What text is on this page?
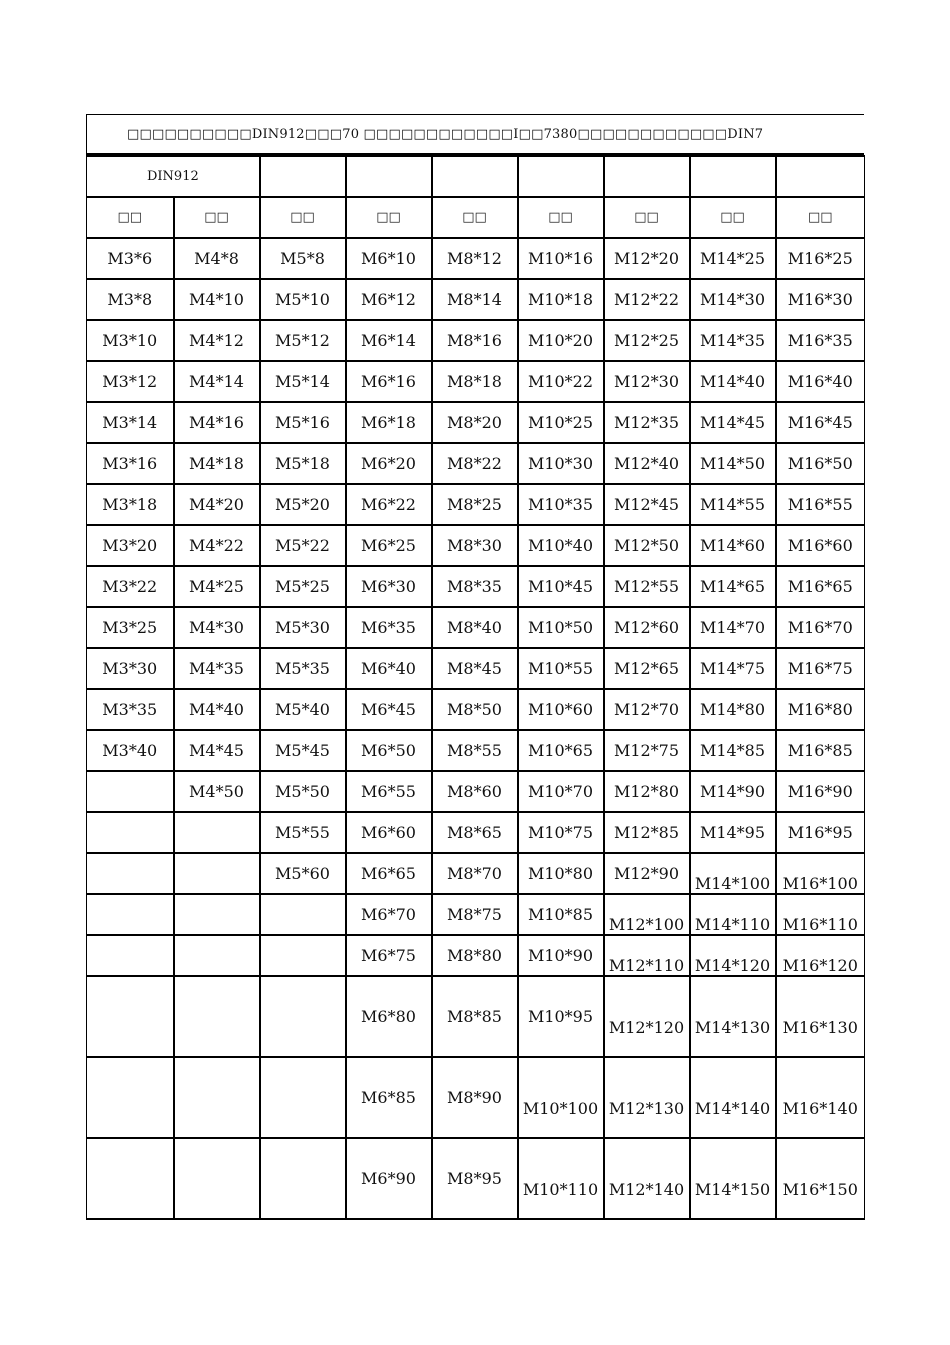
□□□□□□□□□□DIN912□□□70 □□□□□□□□□□□□I□□7380□□□□□□□□□□□□DIN7
DIN912								
□□	□□	□□	□□	□□	□□	□□	□□	□□

M3*6	M4*8	M5*8	M6*10	M8*12	M10*16	M12*20	M14*25	M16*25

M3*8	M4*10	M5*10	M6*12	M8*14	M10*18	M12*22	M14*30	M16*30

M3*10	M4*12	M5*12	M6*14	M8*16	M10*20	M12*25	M14*35	M16*35

M3*12	M4*14	M5*14	M6*16	M8*18	M10*22	M12*30	M14*40	M16*40

M3*14	M4*16	M5*16	M6*18	M8*20	M10*25	M12*35	M14*45	M16*45

M3*16	M4*18	M5*18	M6*20	M8*22	M10*30	M12*40	M14*50	M16*50

M3*18	M4*20	M5*20	M6*22	M8*25	M10*35	M12*45	M14*55	M16*55

M3*20	M4*22	M5*22	M6*25	M8*30	M10*40	M12*50	M14*60	M16*60

M3*22	M4*25	M5*25	M6*30	M8*35	M10*45	M12*55	M14*65	M16*65

M3*25	M4*30	M5*30	M6*35	M8*40	M10*50	M12*60	M14*70	M16*70

M3*30	M4*35	M5*35	M6*40	M8*45	M10*55	M12*65	M14*75	M16*75

M3*35	M4*40	M5*40	M6*45	M8*50	M10*60	M12*70	M14*80	M16*80

M3*40	M4*45	M5*45	M6*50	M8*55	M10*65	M12*75	M14*85	M16*85

	M4*50	M5*50	M6*55	M8*60	M10*70	M12*80	M14*90	M16*90

		M5*55	M6*60	M8*65	M10*75	M12*85	M14*95	M16*95

		M5*60	M6*65	M8*70	M10*80	M12*90	M14*100	M16*100

			M6*70	M8*75	M10*85	M12*100	M14*110	M16*110

			M6*75	M8*80	M10*90	M12*110	M14*120	M16*120

			M6*80	M8*85	M10*95	M12*120	M14*130	M16*130

			M6*85	M8*90	M10*100	M12*130	M14*140	M16*140

			M6*90	M8*95	M10*110	M12*140	M14*150	M16*150
